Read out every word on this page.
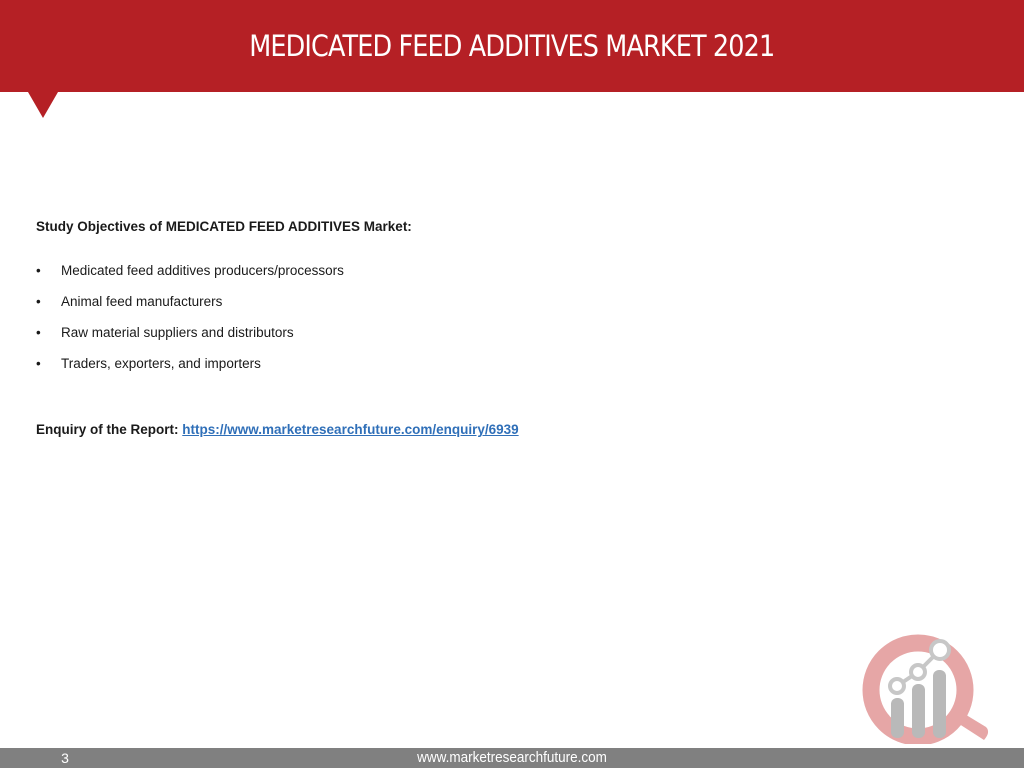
MEDICATED FEED ADDITIVES MARKET 2021

Study Objectives of MEDICATED FEED ADDITIVES Market:

• Medicated feed additives producers/processors
• Animal feed manufacturers
• Raw material suppliers and distributors
• Traders, exporters, and importers
Enquiry of the Report: https://www.marketresearchfuture.com/enquiry/6939
3	www.marketresearchfuture.com
